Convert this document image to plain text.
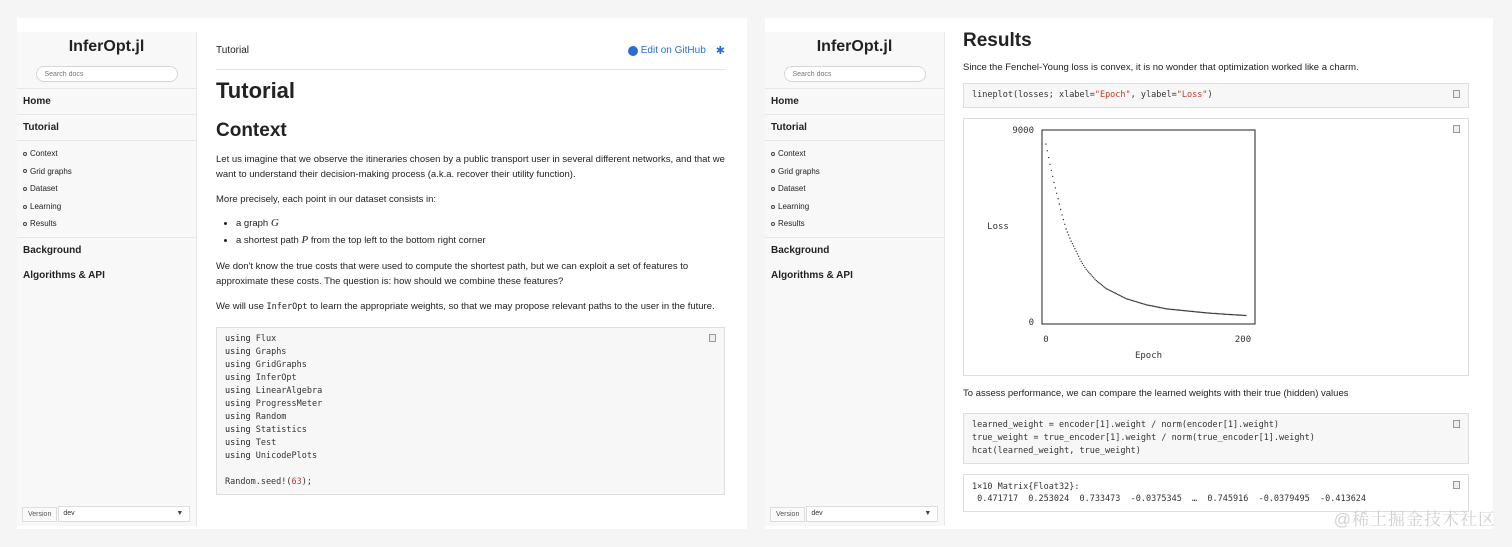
InferOpt.jl
Search docs
Home
Tutorial
Context
Grid graphs
Dataset
Learning
Results
Background
Algorithms & API
Version	dev	▼
Tutorial	Edit on GitHub ✱
Tutorial
Context

Let us imagine that we observe the itineraries chosen by a public transport user in several different networks, and that we want to understand their decision-making process (a.k.a. recover their utility function).

More precisely, each point in our dataset consists in:

• a graph G
• a shortest path P from the top left to the bottom right corner

We don't know the true costs that were used to compute the shortest path, but we can exploit a set of features to approximate these costs. The question is: how should we combine these features?

We will use InferOpt to learn the appropriate weights, so that we may propose relevant paths to the user in the future.

using Flux
using Graphs
using GridGraphs
using InferOpt
using LinearAlgebra
using ProgressMeter
using Random
using Statistics
using Test
using UnicodePlots

Random.seed!(63);
InferOpt.jl
Search docs
Home
Tutorial
Context
Grid graphs
Dataset
Learning
Results
Background
Algorithms & API
Version	dev	▼
Results

Since the Fenchel-Young loss is convex, it is no wonder that optimization worked like a charm.

lineplot(losses; xlabel="Epoch", ylabel="Loss")
9000
0
0	200
Loss
Epoch

To assess performance, we can compare the learned weights with their true (hidden) values

learned_weight = encoder[1].weight / norm(encoder[1].weight)
true_weight = true_encoder[1].weight / norm(true_encoder[1].weight)
hcat(learned_weight, true_weight)
1×10 Matrix{Float32}:
0.471717  0.253024  0.733473  -0.0375345  …  0.745916  -0.0379495  -0.413624
@稀土掘金技术社区
